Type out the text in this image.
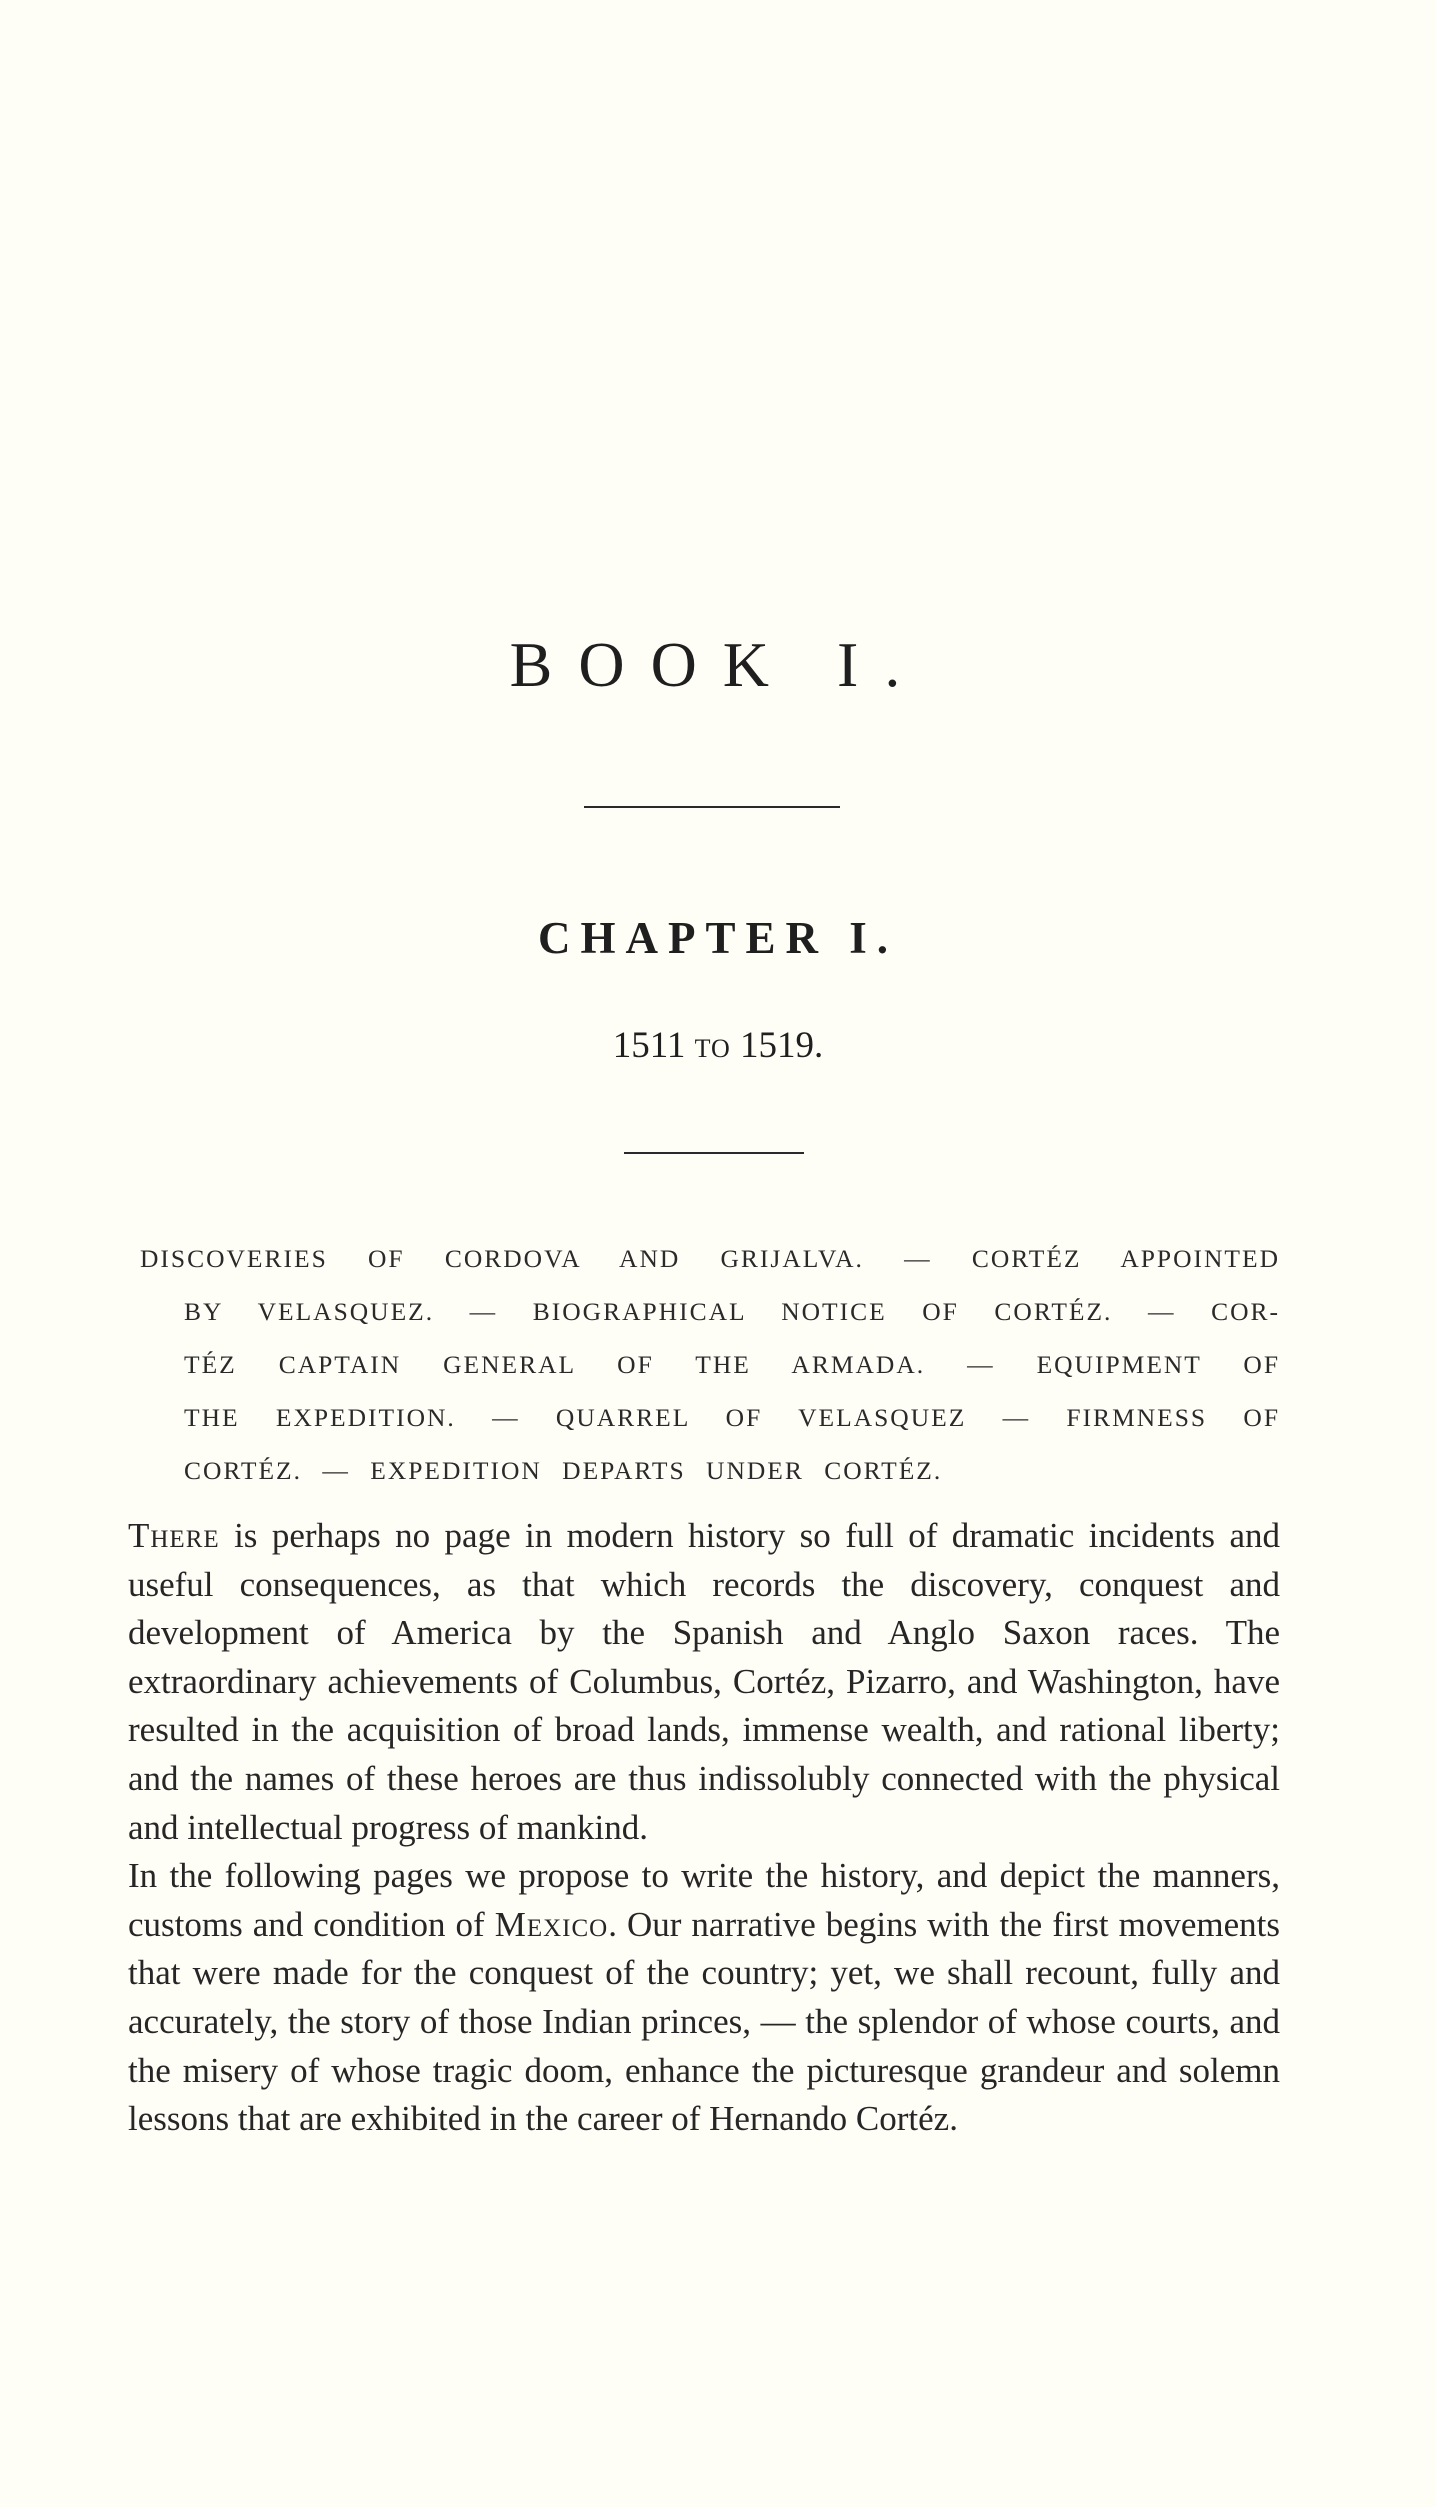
BOOK I.
CHAPTER I.
1511 TO 1519.
DISCOVERIES OF CORDOVA AND GRIJALVA. — CORTÉZ APPOINTED
BY VELASQUEZ. — BIOGRAPHICAL NOTICE OF CORTÉZ. — COR-
TÉZ CAPTAIN GENERAL OF THE ARMADA. — EQUIPMENT OF
THE EXPEDITION. — QUARREL OF VELASQUEZ — FIRMNESS OF
CORTÉZ. — EXPEDITION DEPARTS UNDER CORTÉZ.

There is perhaps no page in modern history so full of dramatic incidents and useful consequences, as that which records the discovery, conquest and development of America by the Spanish and Anglo Saxon races. The extraordinary achievements of Columbus, Cortéz, Pizarro, and Washington, have resulted in the acquisition of broad lands, immense wealth, and rational liberty; and the names of these heroes are thus indissolubly connected with the physical and intellectual progress of mankind.

In the following pages we propose to write the history, and depict the manners, customs and condition of Mexico. Our narrative begins with the first movements that were made for the conquest of the country; yet, we shall recount, fully and accurately, the story of those Indian princes, — the splendor of whose courts, and the misery of whose tragic doom, enhance the picturesque grandeur and solemn lessons that are exhibited in the career of Hernando Cortéz.
